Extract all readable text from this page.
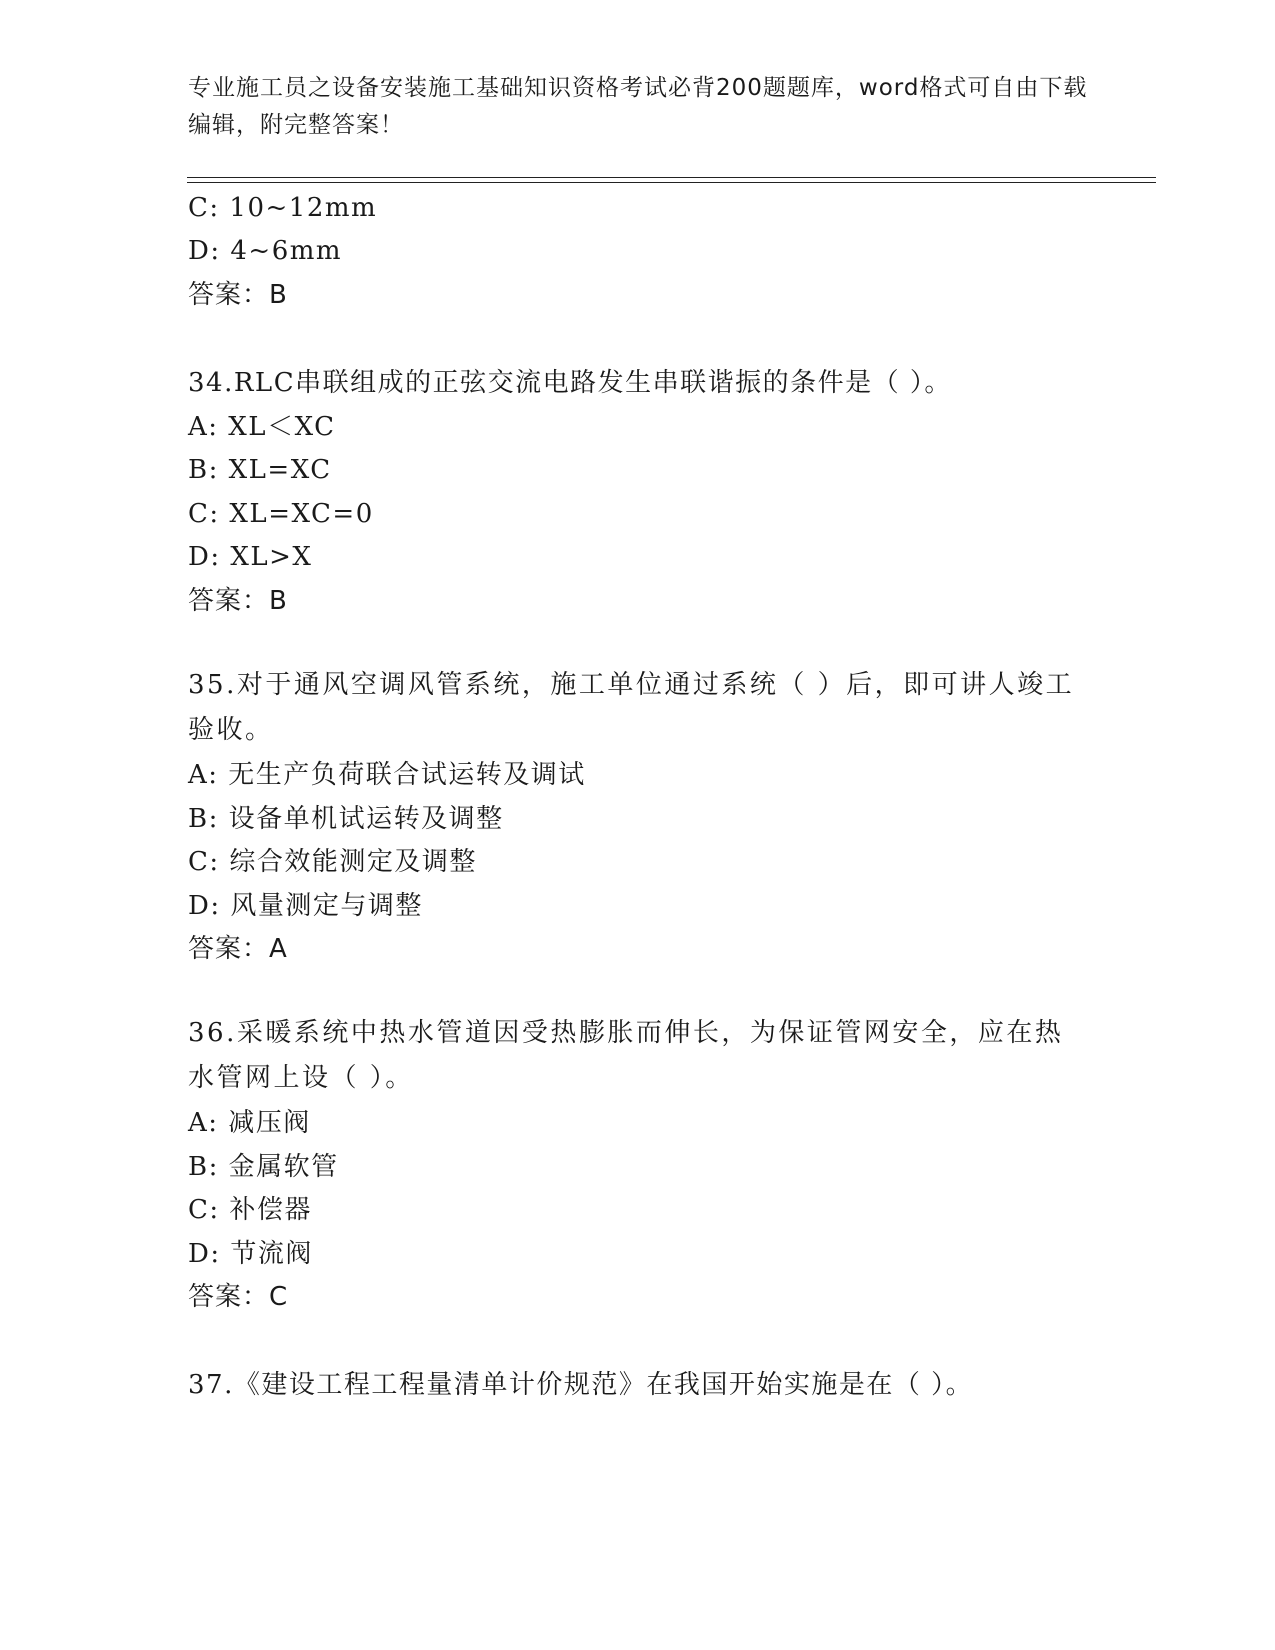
专业施工员之设备安装施工基础知识资格考试必背200题题库，word格式可自由下载编辑，附完整答案！
C: 10~12mm
D: 4~6mm
答案：B
34.RLC串联组成的正弦交流电路发生串联谐振的条件是（ ）。
A: XL＜XC
B: XL=XC
C: XL=XC=0
D: XL>X
答案：B
35.对于通风空调风管系统，施工单位通过系统（ ）后，即可讲人竣工验收。
A: 无生产负荷联合试运转及调试
B: 设备单机试运转及调整
C: 综合效能测定及调整
D: 风量测定与调整
答案：A
36.采暖系统中热水管道因受热膨胀而伸长，为保证管网安全，应在热水管网上设（ ）。
A: 减压阀
B: 金属软管
C: 补偿器
D: 节流阀
答案：C
37.《建设工程工程量清单计价规范》在我国开始实施是在（ ）。
